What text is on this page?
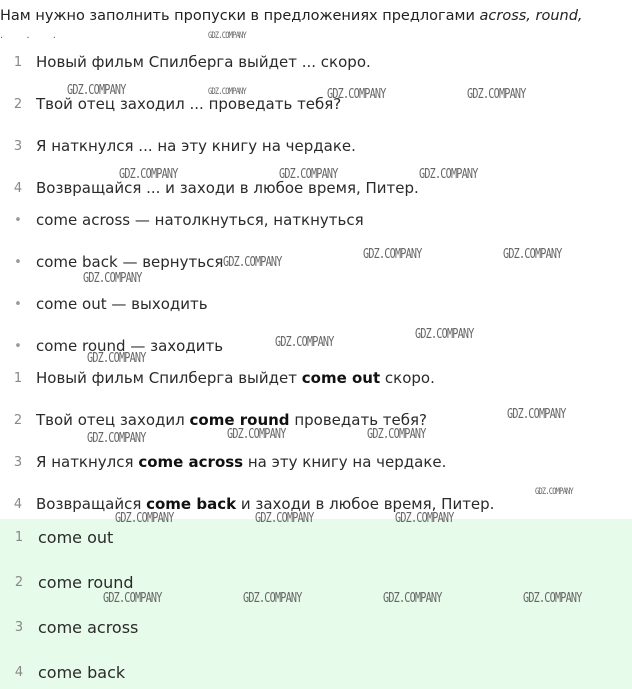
Нам нужно заполнить пропуски в предложениях предлогами across, round,
. . .
1 Новый фильм Спилберга выйдет ... скоро.
2 Твой отец заходил ... проведать тебя?
3 Я наткнулся ... на эту книгу на чердаке.
4 Возвращайся ... и заходи в любое время, Питер.
• come across — натолкнуться, наткнуться
• come back — вернуться
• come out — выходить
• come round — заходить
1 Новый фильм Спилберга выйдет come out скоро.
2 Твой отец заходил come round проведать тебя?
3 Я наткнулся come across на эту книгу на чердаке.
4 Возвращайся come back и заходи в любое время, Питер.
1 come out
2 come round
3 come across
4 come back
GDZ.COMPANY
GDZ.COMPANY	GDZ.COMPANY	GDZ.COMPANY	GDZ.COMPANY
GDZ.COMPANY	GDZ.COMPANY	GDZ.COMPANY
GDZ.COMPANY
GDZ.COMPANY	GDZ.COMPANY
GDZ.COMPANY
GDZ.COMPANY
GDZ.COMPANY
GDZ.COMPANY
GDZ.COMPANY
GDZ.COMPANY	GDZ.COMPANY	GDZ.COMPANY
GDZ.COMPANY
GDZ.COMPANY	GDZ.COMPANY	GDZ.COMPANY
GDZ.COMPANY	GDZ.COMPANY	GDZ.COMPANY	GDZ.COMPANY
